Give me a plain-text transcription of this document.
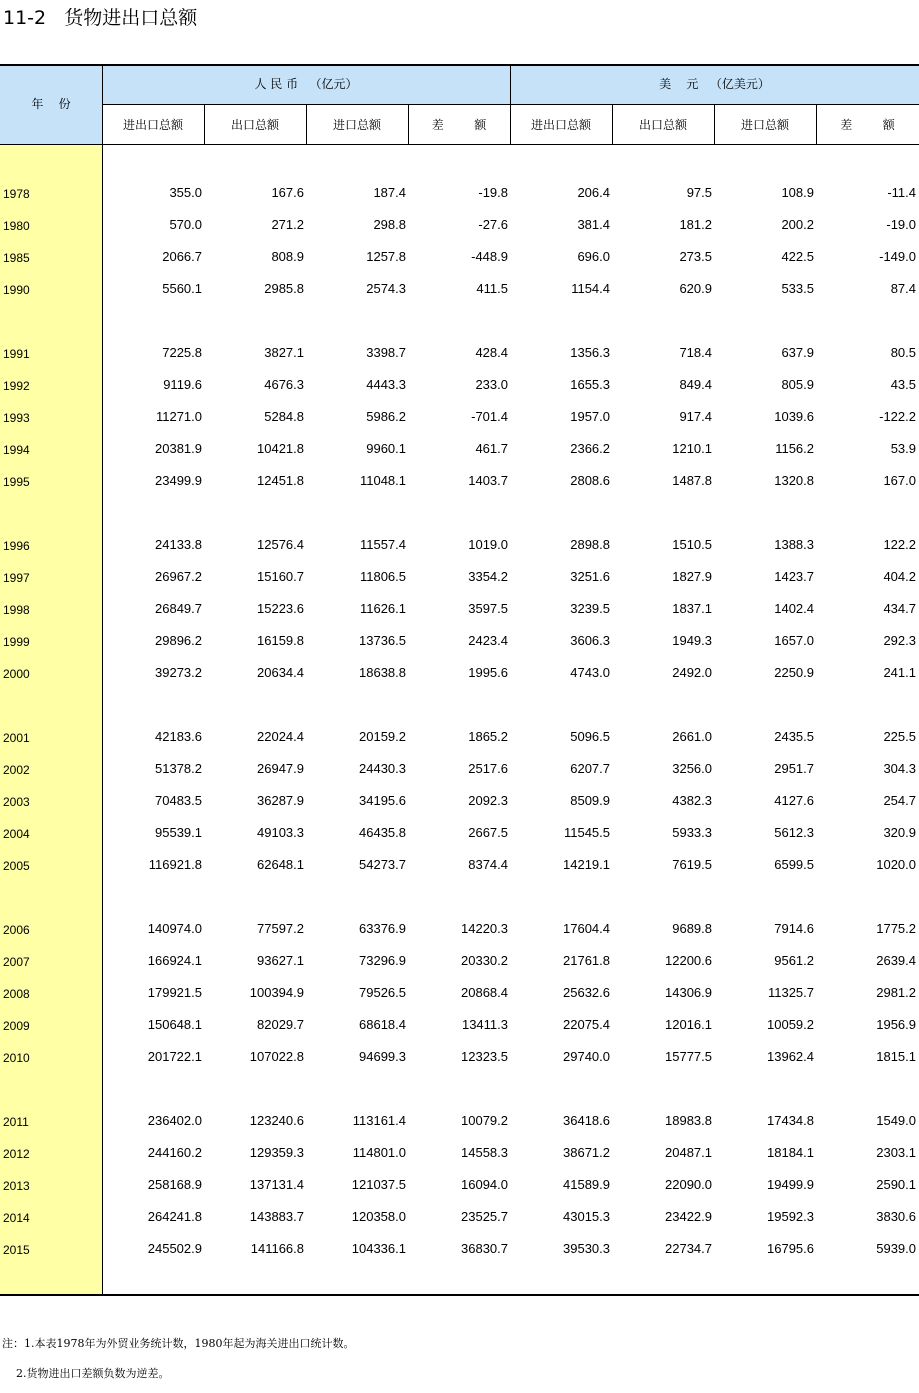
11-2   货物进出口总额
进出口总额	出口总额	进口总额	差        额	进出口总额	出口总额	进口总额	差        额
年    份
人 民 币   （亿元）	美    元   （亿美元）
1978	355.0	167.6	187.4	-19.8	206.4	97.5	108.9	-11.4
1980	570.0	271.2	298.8	-27.6	381.4	181.2	200.2	-19.0
1985	2066.7	808.9	1257.8	-448.9	696.0	273.5	422.5	-149.0
1990	5560.1	2985.8	2574.3	411.5	1154.4	620.9	533.5	87.4
1991	7225.8	3827.1	3398.7	428.4	1356.3	718.4	637.9	80.5
1992	9119.6	4676.3	4443.3	233.0	1655.3	849.4	805.9	43.5
1993	11271.0	5284.8	5986.2	-701.4	1957.0	917.4	1039.6	-122.2
1994	20381.9	10421.8	9960.1	461.7	2366.2	1210.1	1156.2	53.9
1995	23499.9	12451.8	11048.1	1403.7	2808.6	1487.8	1320.8	167.0
1996	24133.8	12576.4	11557.4	1019.0	2898.8	1510.5	1388.3	122.2
1997	26967.2	15160.7	11806.5	3354.2	3251.6	1827.9	1423.7	404.2
1998	26849.7	15223.6	11626.1	3597.5	3239.5	1837.1	1402.4	434.7
1999	29896.2	16159.8	13736.5	2423.4	3606.3	1949.3	1657.0	292.3
2000	39273.2	20634.4	18638.8	1995.6	4743.0	2492.0	2250.9	241.1
2001	42183.6	22024.4	20159.2	1865.2	5096.5	2661.0	2435.5	225.5
2002	51378.2	26947.9	24430.3	2517.6	6207.7	3256.0	2951.7	304.3
2003	70483.5	36287.9	34195.6	2092.3	8509.9	4382.3	4127.6	254.7
2004	95539.1	49103.3	46435.8	2667.5	11545.5	5933.3	5612.3	320.9
2005	116921.8	62648.1	54273.7	8374.4	14219.1	7619.5	6599.5	1020.0
2006	140974.0	77597.2	63376.9	14220.3	17604.4	9689.8	7914.6	1775.2
2007	166924.1	93627.1	73296.9	20330.2	21761.8	12200.6	9561.2	2639.4
2008	179921.5	100394.9	79526.5	20868.4	25632.6	14306.9	11325.7	2981.2
2009	150648.1	82029.7	68618.4	13411.3	22075.4	12016.1	10059.2	1956.9
2010	201722.1	107022.8	94699.3	12323.5	29740.0	15777.5	13962.4	1815.1
2011	236402.0	123240.6	113161.4	10079.2	36418.6	18983.8	17434.8	1549.0
2012	244160.2	129359.3	114801.0	14558.3	38671.2	20487.1	18184.1	2303.1
2013	258168.9	137131.4	121037.5	16094.0	41589.9	22090.0	19499.9	2590.1
2014	264241.8	143883.7	120358.0	23525.7	43015.3	23422.9	19592.3	3830.6
2015	245502.9	141166.8	104336.1	36830.7	39530.3	22734.7	16795.6	5939.0
注：1.本表1978年为外贸业务统计数，1980年起为海关进出口统计数。
2.货物进出口差额负数为逆差。
